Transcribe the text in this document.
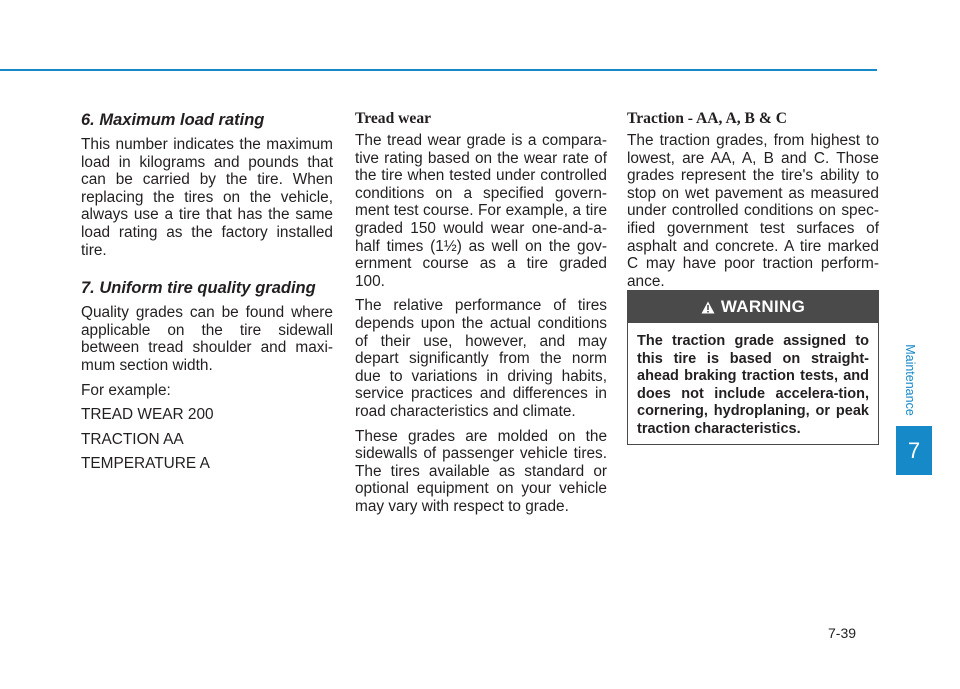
6. Maximum load rating

This number indicates the maximum load in kilograms and pounds that can be carried by the tire. When replacing the tires on the vehicle, always use a tire that has the same load rating as the factory installed tire.

7. Uniform tire quality grading

Quality grades can be found where applicable on the tire sidewall between tread shoulder and maxi-mum section width.

For example:

TREAD WEAR 200

TRACTION AA

TEMPERATURE A

Tread wear

The tread wear grade is a compara-tive rating based on the wear rate of the tire when tested under controlled conditions on a specified govern-ment test course. For example, a tire graded 150 would wear one-and-a-half times (1½) as well on the gov-ernment course as a tire graded 100.

The relative performance of tires depends upon the actual conditions of their use, however, and may depart significantly from the norm due to variations in driving habits, service practices and differences in road characteristics and climate.

These grades are molded on the sidewalls of passenger vehicle tires. The tires available as standard or optional equipment on your vehicle may vary with respect to grade.

Traction - AA, A, B & C

The traction grades, from highest to lowest, are AA, A, B and C. Those grades represent the tire's ability to stop on wet pavement as measured under controlled conditions on spec-ified government test surfaces of asphalt and concrete. A tire marked C may have poor traction perform-ance.

WARNING
The traction grade assigned to this tire is based on straight-ahead braking traction tests, and does not include accelera-tion, cornering, hydroplaning, or peak traction characteristics.
Maintenance
7
7-39
